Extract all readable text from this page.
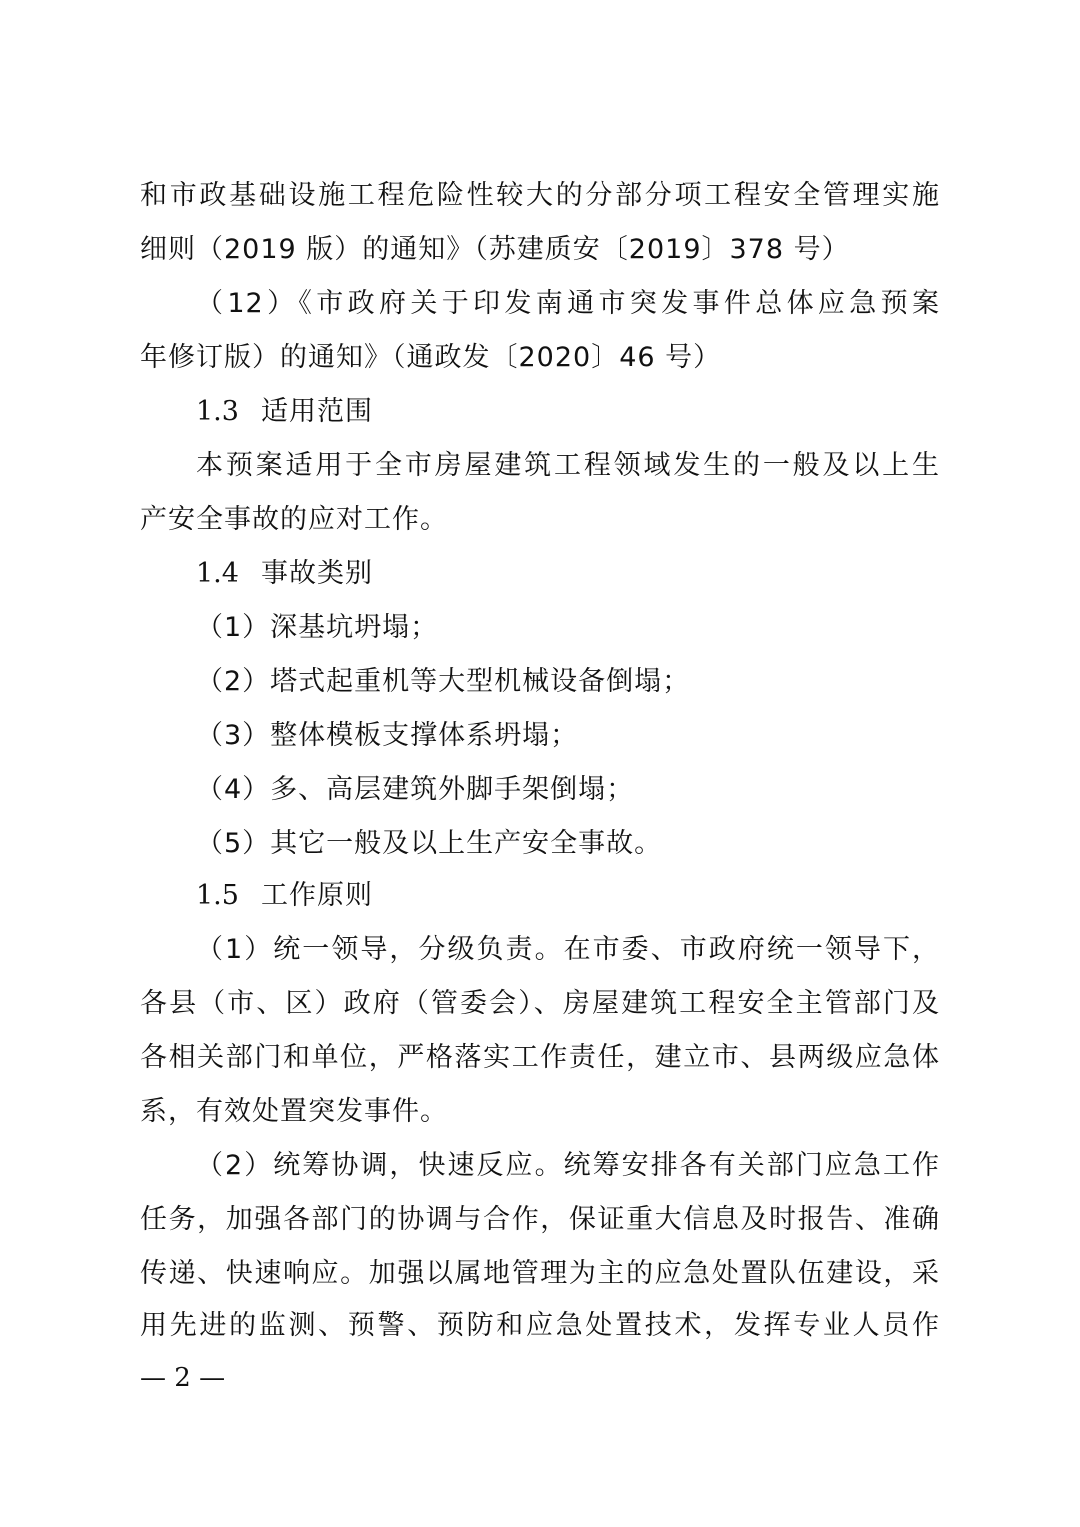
和市政基础设施工程危险性较大的分部分项工程安全管理实施
细则（2019 版）的通知》（苏建质安〔2019〕378 号）
（12）《市政府关于印发南通市突发事件总体应急预案
年修订版）的通知》（通政发〔2020〕46 号）
1.3 适用范围
本预案适用于全市房屋建筑工程领域发生的一般及以上生
产安全事故的应对工作。
1.4 事故类别
（1）深基坑坍塌；
（2）塔式起重机等大型机械设备倒塌；
（3）整体模板支撑体系坍塌；
（4）多、高层建筑外脚手架倒塌；
（5）其它一般及以上生产安全事故。
1.5 工作原则
（1）统一领导，分级负责。在市委、市政府统一领导下，
各县（市、区）政府（管委会）、房屋建筑工程安全主管部门及
各相关部门和单位，严格落实工作责任，建立市、县两级应急体
系，有效处置突发事件。
（2）统筹协调，快速反应。统筹安排各有关部门应急工作
任务，加强各部门的协调与合作，保证重大信息及时报告、准确
传递、快速响应。加强以属地管理为主的应急处置队伍建设，采
用先进的监测、预警、预防和应急处置技术，发挥专业人员作
— 2 —
